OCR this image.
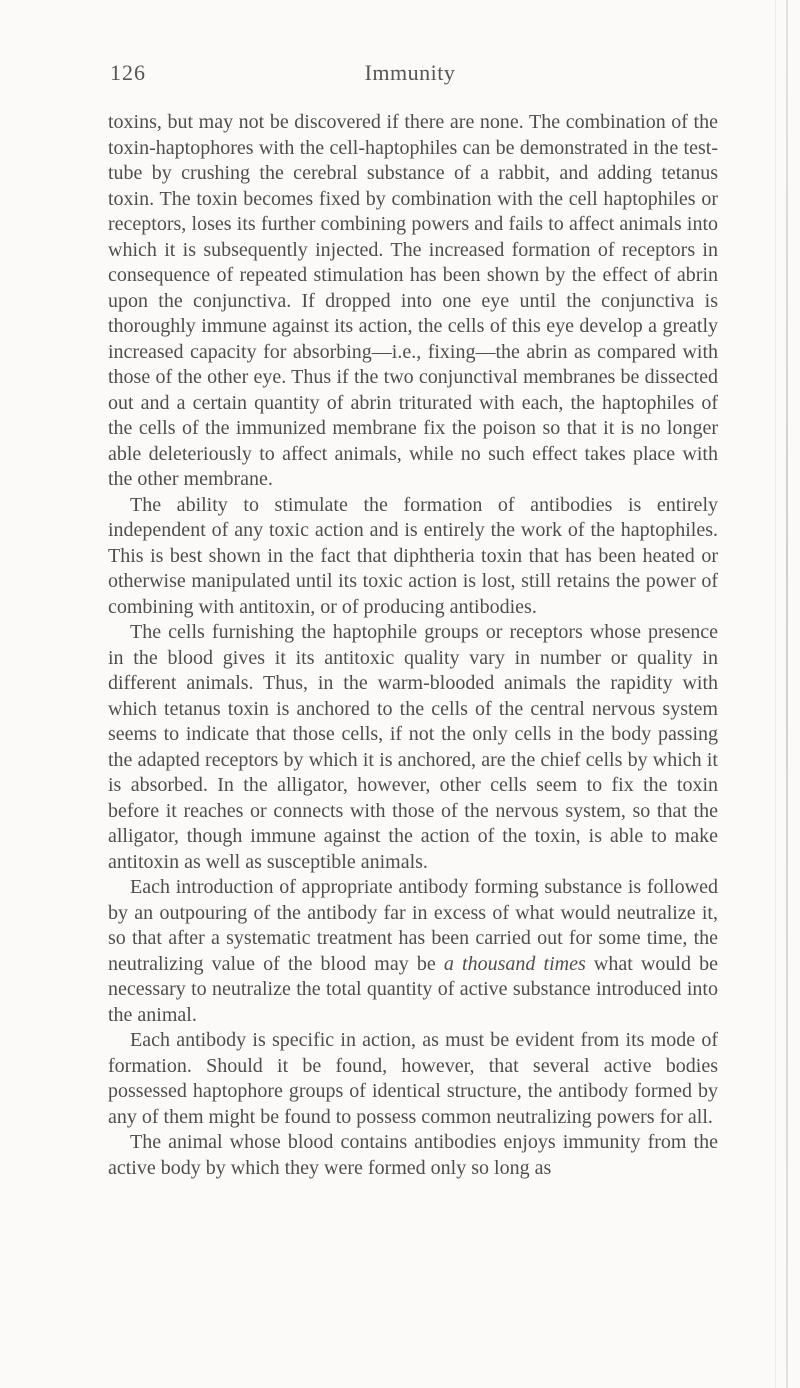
126	Immunity

toxins, but may not be discovered if there are none. The combination of the toxin-haptophores with the cell-haptophiles can be demonstrated in the test-tube by crushing the cerebral substance of a rabbit, and adding tetanus toxin. The toxin becomes fixed by combination with the cell haptophiles or receptors, loses its further combining powers and fails to affect animals into which it is subsequently injected. The increased formation of receptors in consequence of repeated stimulation has been shown by the effect of abrin upon the conjunctiva. If dropped into one eye until the conjunctiva is thoroughly immune against its action, the cells of this eye develop a greatly increased capacity for absorbing—i.e., fixing—the abrin as compared with those of the other eye. Thus if the two conjunctival membranes be dissected out and a certain quantity of abrin triturated with each, the haptophiles of the cells of the immunized membrane fix the poison so that it is no longer able deleteriously to affect animals, while no such effect takes place with the other membrane.

The ability to stimulate the formation of antibodies is entirely independent of any toxic action and is entirely the work of the haptophiles. This is best shown in the fact that diphtheria toxin that has been heated or otherwise manipulated until its toxic action is lost, still retains the power of combining with antitoxin, or of producing antibodies.

The cells furnishing the haptophile groups or receptors whose presence in the blood gives it its antitoxic quality vary in number or quality in different animals. Thus, in the warm-blooded animals the rapidity with which tetanus toxin is anchored to the cells of the central nervous system seems to indicate that those cells, if not the only cells in the body passing the adapted receptors by which it is anchored, are the chief cells by which it is absorbed. In the alligator, however, other cells seem to fix the toxin before it reaches or connects with those of the nervous system, so that the alligator, though immune against the action of the toxin, is able to make antitoxin as well as susceptible animals.

Each introduction of appropriate antibody forming substance is followed by an outpouring of the antibody far in excess of what would neutralize it, so that after a systematic treatment has been carried out for some time, the neutralizing value of the blood may be a thousand times what would be necessary to neutralize the total quantity of active substance introduced into the animal.

Each antibody is specific in action, as must be evident from its mode of formation. Should it be found, however, that several active bodies possessed haptophore groups of identical structure, the antibody formed by any of them might be found to possess common neutralizing powers for all.

The animal whose blood contains antibodies enjoys immunity from the active body by which they were formed only so long as
